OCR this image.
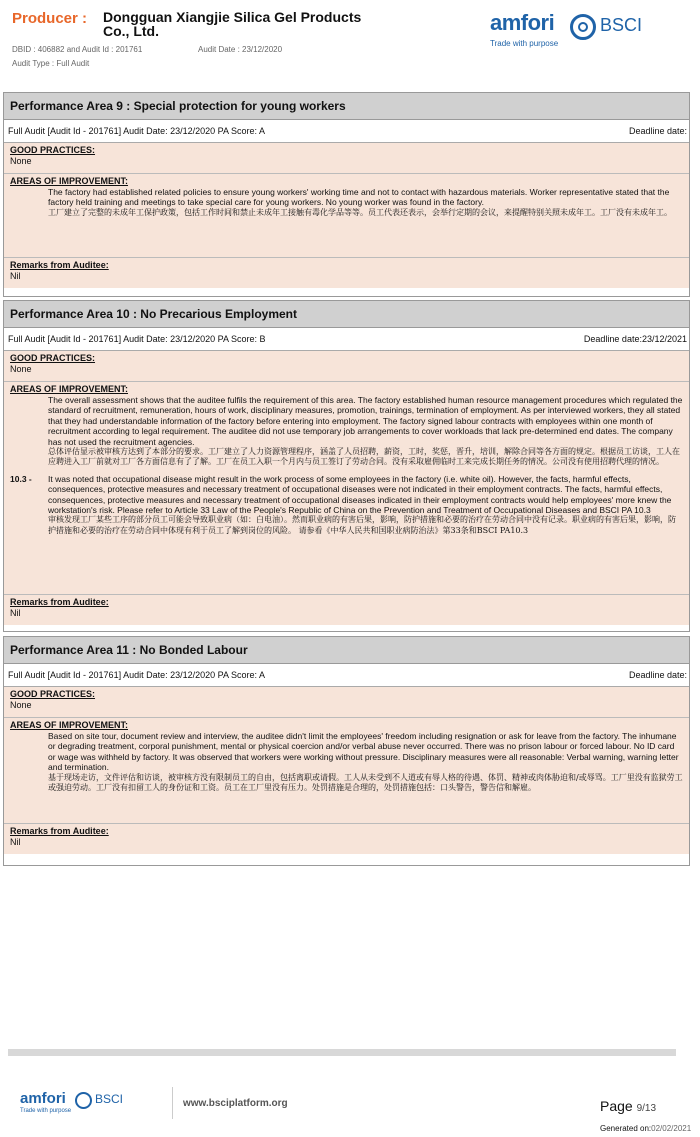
Producer : Dongguan Xiangjie Silica Gel Products Co., Ltd.
DBID : 406882 and Audit Id : 201761	Audit Date : 23/12/2020
Audit Type : Full Audit
amfori	BSCI
Trade with purpose
Performance Area 9 : Special protection for young workers
Full Audit [Audit Id - 201761] Audit Date: 23/12/2020 PA Score: A	Deadline date:
GOOD PRACTICES:
None
AREAS OF IMPROVEMENT:
The factory had established related policies to ensure young workers' working time and not to contact with hazardous materials. Worker representative stated that the factory held training and meetings to take special care for young workers. No young worker was found in the factory.
工厂建立了完整的未成年工保护政策，包括工作时间和禁止未成年工接触有毒化学品等等。员工代表还表示，会举行定期的会议，来提醒特别关照未成年工。工厂没有未成年工。
Remarks from Auditee:
Nil
Performance Area 10 : No Precarious Employment
Full Audit [Audit Id - 201761] Audit Date: 23/12/2020 PA Score: B	Deadline date:23/12/2021
GOOD PRACTICES:
None
AREAS OF IMPROVEMENT:
The overall assessment shows that the auditee fulfils the requirement of this area. The factory established human resource management procedures which regulated the standard of recruitment, remuneration, hours of work, disciplinary measures, promotion, trainings, termination of employment. As per interviewed workers, they all stated that they had understandable information of the factory before entering into employment. The factory signed labour contracts with employees within one month of recruitment according to legal requirement. The auditee did not use temporary job arrangements to cover workloads that lack pre-determined end dates. The company has not used the recruitment agencies.
总体评估显示被审核方达到了本部分的要求。工厂建立了人力资源管理程序，涵盖了人员招聘，薪资，工时，奖惩，晋升，培训，解除合同等各方面的规定。根据员工访谈，工人在应聘进入工厂前就对工厂各方面信息有了了解。工厂在员工入职一个月内与员工签订了劳动合同。没有采取雇佣临时工来完成长期任务的情况。公司没有使用招聘代理的情况。
10.3 - It was noted that occupational disease might result in the work process of some employees in the factory (i.e. white oil). However, the facts, harmful effects, consequences, protective measures and necessary treatment of occupational diseases were not indicated in their employment contracts. The facts, harmful effects, consequences, protective measures and necessary treatment of occupational diseases indicated in their employment contracts would help employees' more knew the workstation's risk. Please refer to Article 33 Law of the People's Republic of China on the Prevention and Treatment of Occupational Diseases and BSCI PA 10.3
审核发现工厂某些工序的部分员工可能会导致职业病（如：白电油）。然而职业病的有害后果，影响，防护措施和必要的治疗在劳动合同中没有记录。职业病的有害后果，影响，防护措施和必要的治疗在劳动合同中体现有利于员工了解到岗位的风险。 请参看《中华人民共和国职业病防治法》第33条和BSCI PA10.3
Remarks from Auditee:
Nil
Performance Area 11 : No Bonded Labour
Full Audit [Audit Id - 201761] Audit Date: 23/12/2020 PA Score: A	Deadline date:
GOOD PRACTICES:
None
AREAS OF IMPROVEMENT:
Based on site tour, document review and interview, the auditee didn't limit the employees' freedom including resignation or ask for leave from the factory. The inhumane or degrading treatment, corporal punishment, mental or physical coercion and/or verbal abuse never occurred. There was no prison labour or forced labour. No ID card or wage was withheld by factory. It was observed that workers were working without pressure. Disciplinary measures were all reasonable: Verbal warning, warning letter and termination.
基于现场走访，文件评估和访谈，被审核方没有限制员工的自由，包括离职或请假。工人从未受到不人道或有辱人格的待遇、体罚、精神或肉体胁迫和/或辱骂。工厂里没有监狱劳工或强迫劳动。工厂没有扣留工人的身份证和工资。员工在工厂里没有压力。处罚措施是合理的，处罚措施包括：口头警告，警告信和解雇。
Remarks from Auditee:
Nil
amfori BSCI
Trade with purpose
www.bsciplatform.org	Page 9/13
Generated on:02/02/2021
